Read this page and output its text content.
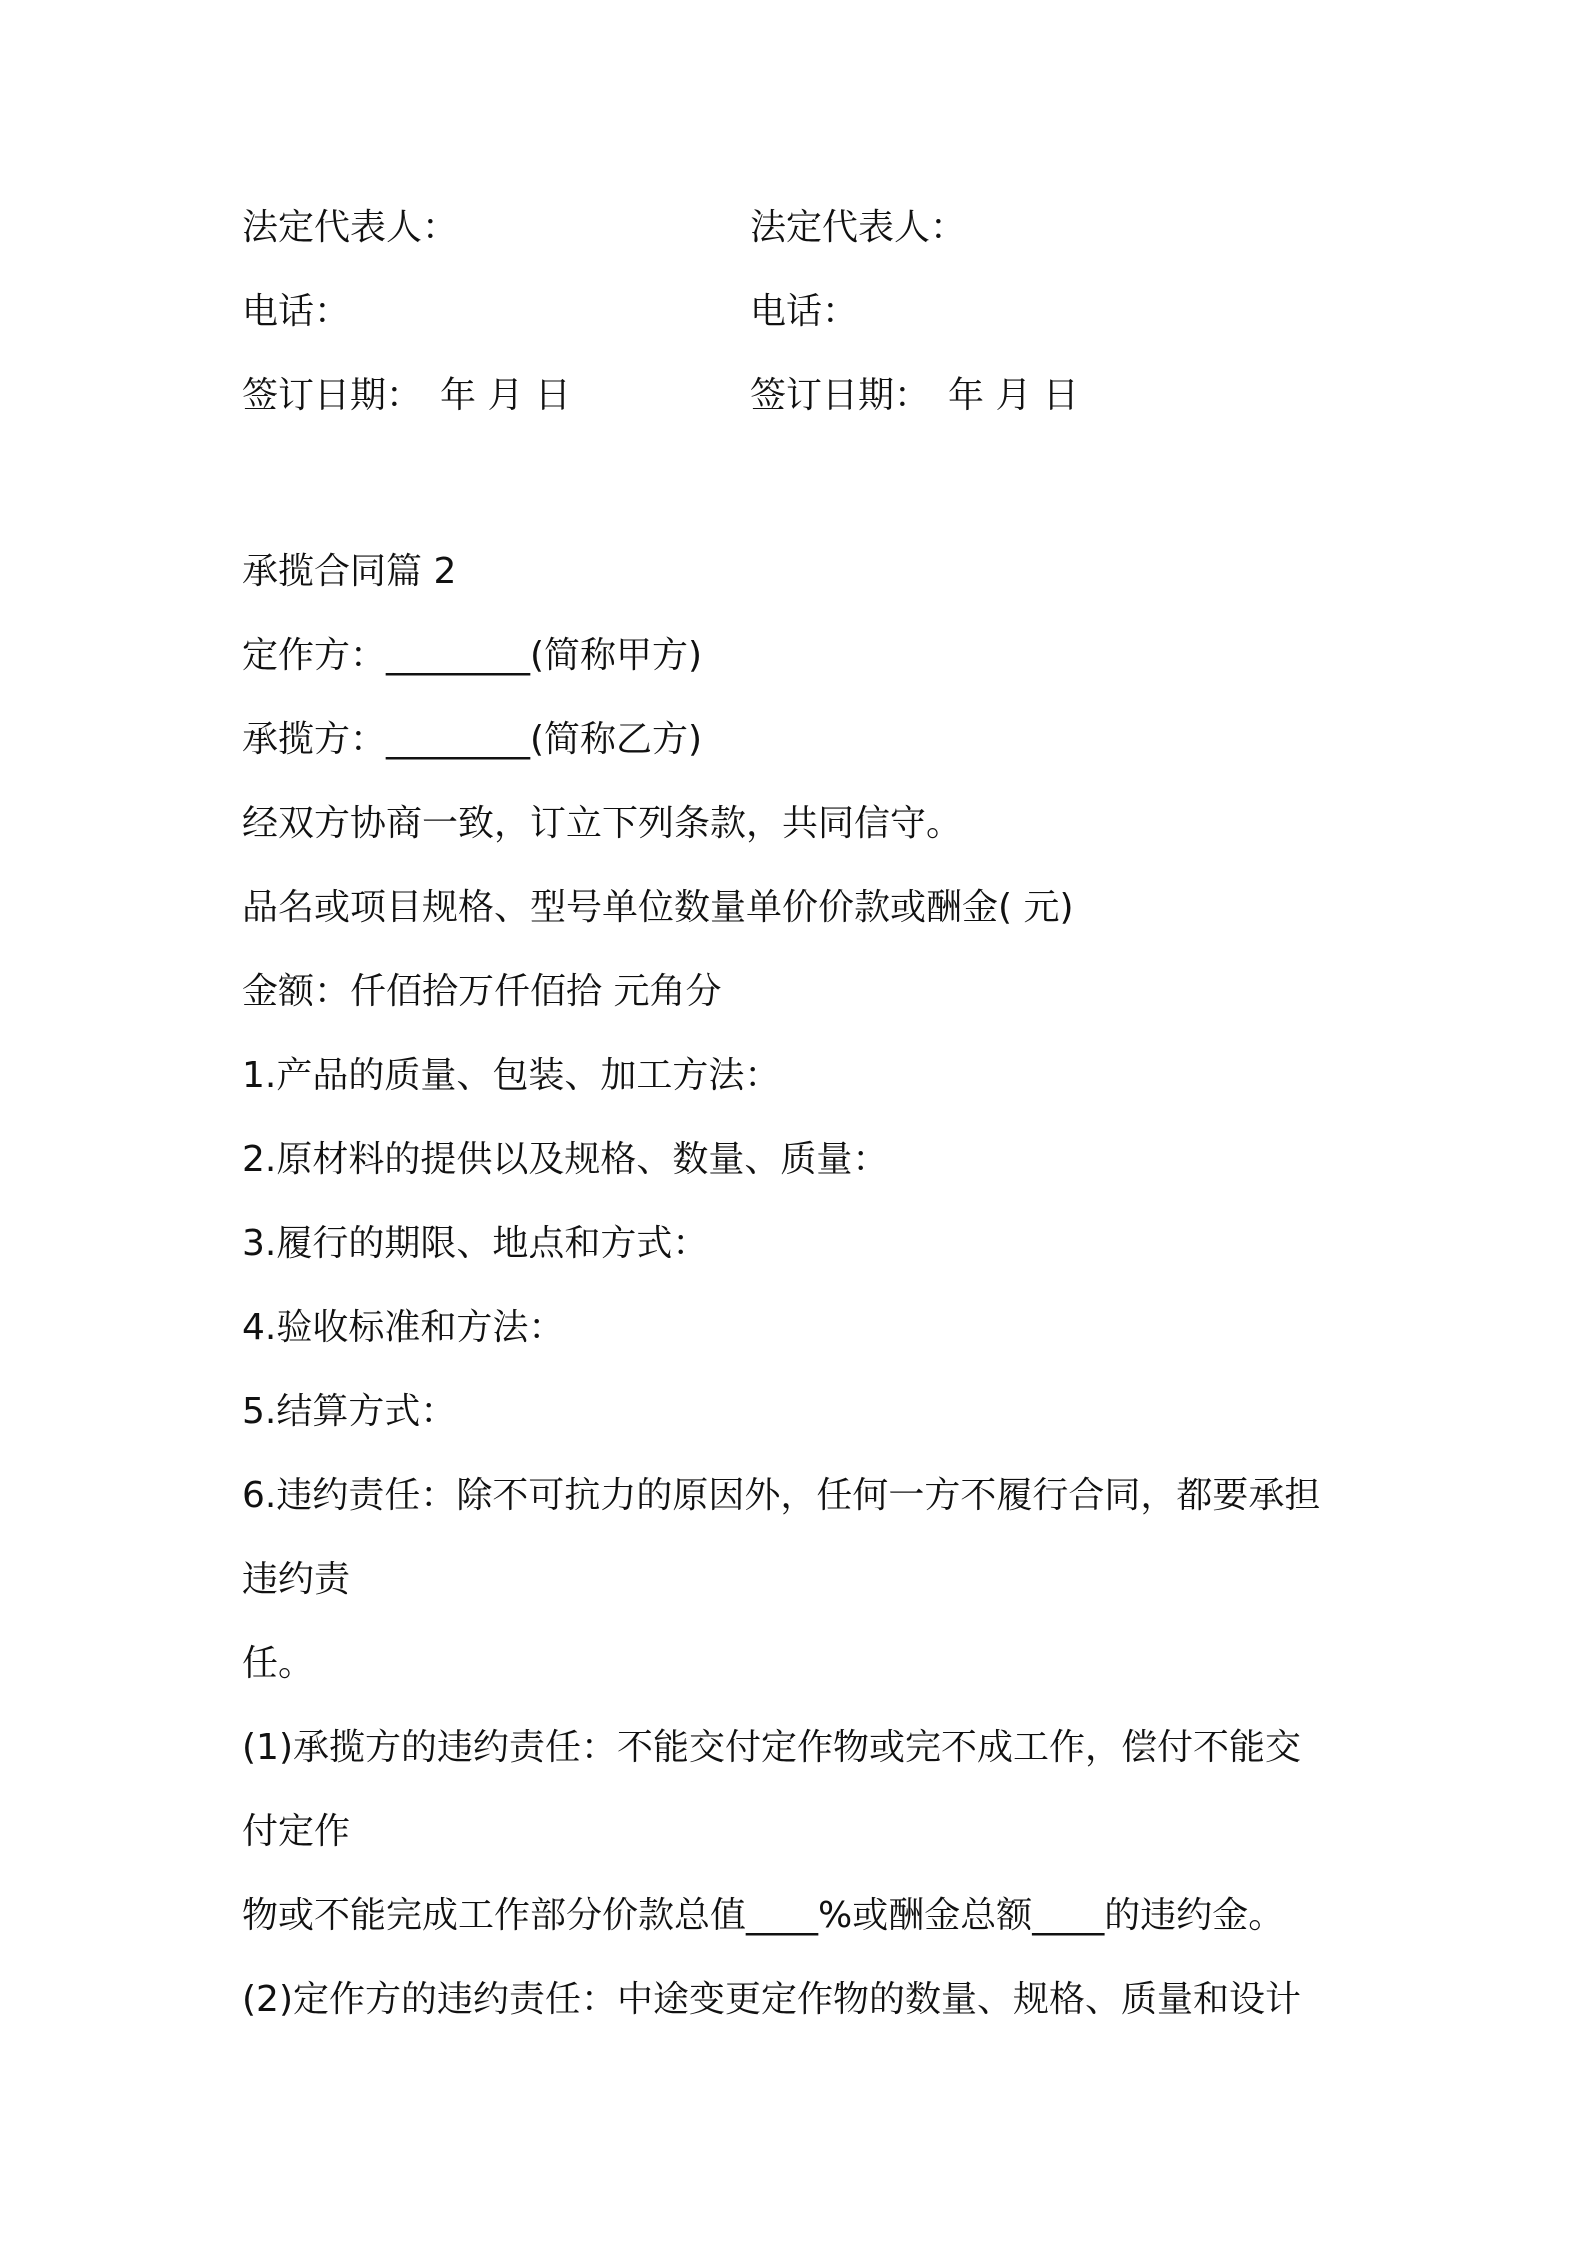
法定代表人：	法定代表人：
电话：	电话：
签订日期：　年 月 日	签订日期：　年 月 日
承揽合同篇 2
定作方：________(简称甲方)
承揽方：________(简称乙方)
经双方协商一致，订立下列条款，共同信守。
品名或项目规格、型号单位数量单价价款或酬金( 元)
金额：仟佰拾万仟佰拾 元角分
1.产品的质量、包装、加工方法：
2.原材料的提供以及规格、数量、质量：
3.履行的期限、地点和方式：
4.验收标准和方法：
5.结算方式：
6.违约责任：除不可抗力的原因外，任何一方不履行合同，都要承担
违约责
任。
(1)承揽方的违约责任：不能交付定作物或完不成工作，偿付不能交
付定作
物或不能完成工作部分价款总值____%或酬金总额____的违约金。
(2)定作方的违约责任：中途变更定作物的数量、规格、质量和设计
